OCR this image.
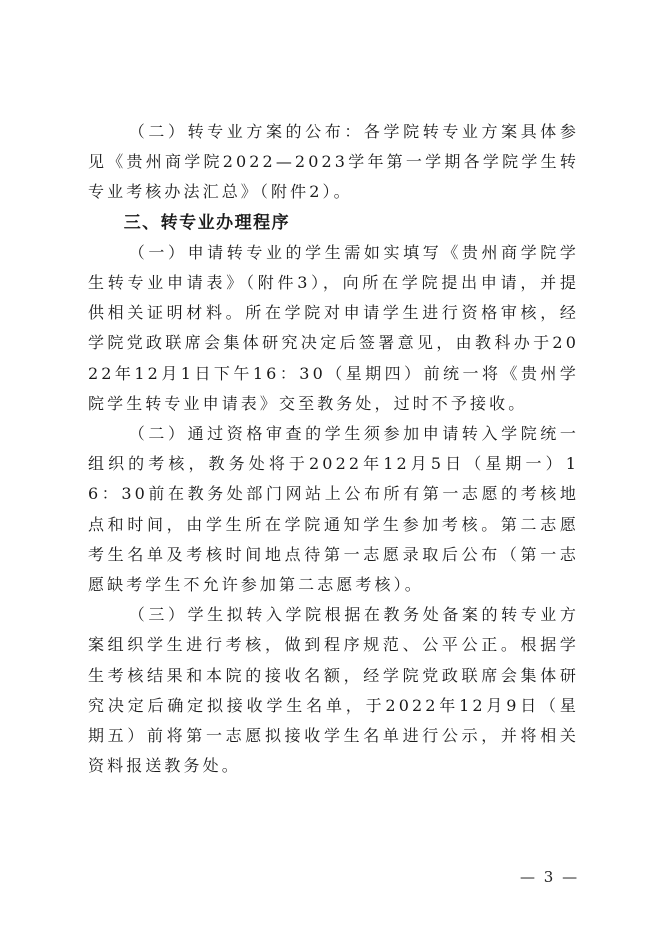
（二）转专业方案的公布：各学院转专业方案具体参见《贵州商学院2022—2023学年第一学期各学院学生转专业考核办法汇总》（附件2）。

三、转专业办理程序

（一）申请转专业的学生需如实填写《贵州商学院学生转专业申请表》（附件3），向所在学院提出申请，并提供相关证明材料。所在学院对申请学生进行资格审核，经学院党政联席会集体研究决定后签署意见，由教科办于2022年12月1日下午16：30（星期四）前统一将《贵州学院学生转专业申请表》交至教务处，过时不予接收。

（二）通过资格审查的学生须参加申请转入学院统一组织的考核，教务处将于2022年12月5日（星期一）16：30前在教务处部门网站上公布所有第一志愿的考核地点和时间，由学生所在学院通知学生参加考核。第二志愿考生名单及考核时间地点待第一志愿录取后公布（第一志愿缺考学生不允许参加第二志愿考核）。

（三）学生拟转入学院根据在教务处备案的转专业方案组织学生进行考核，做到程序规范、公平公正。根据学生考核结果和本院的接收名额，经学院党政联席会集体研究决定后确定拟接收学生名单，于2022年12月9日（星期五）前将第一志愿拟接收学生名单进行公示，并将相关资料报送教务处。

— 3 —
